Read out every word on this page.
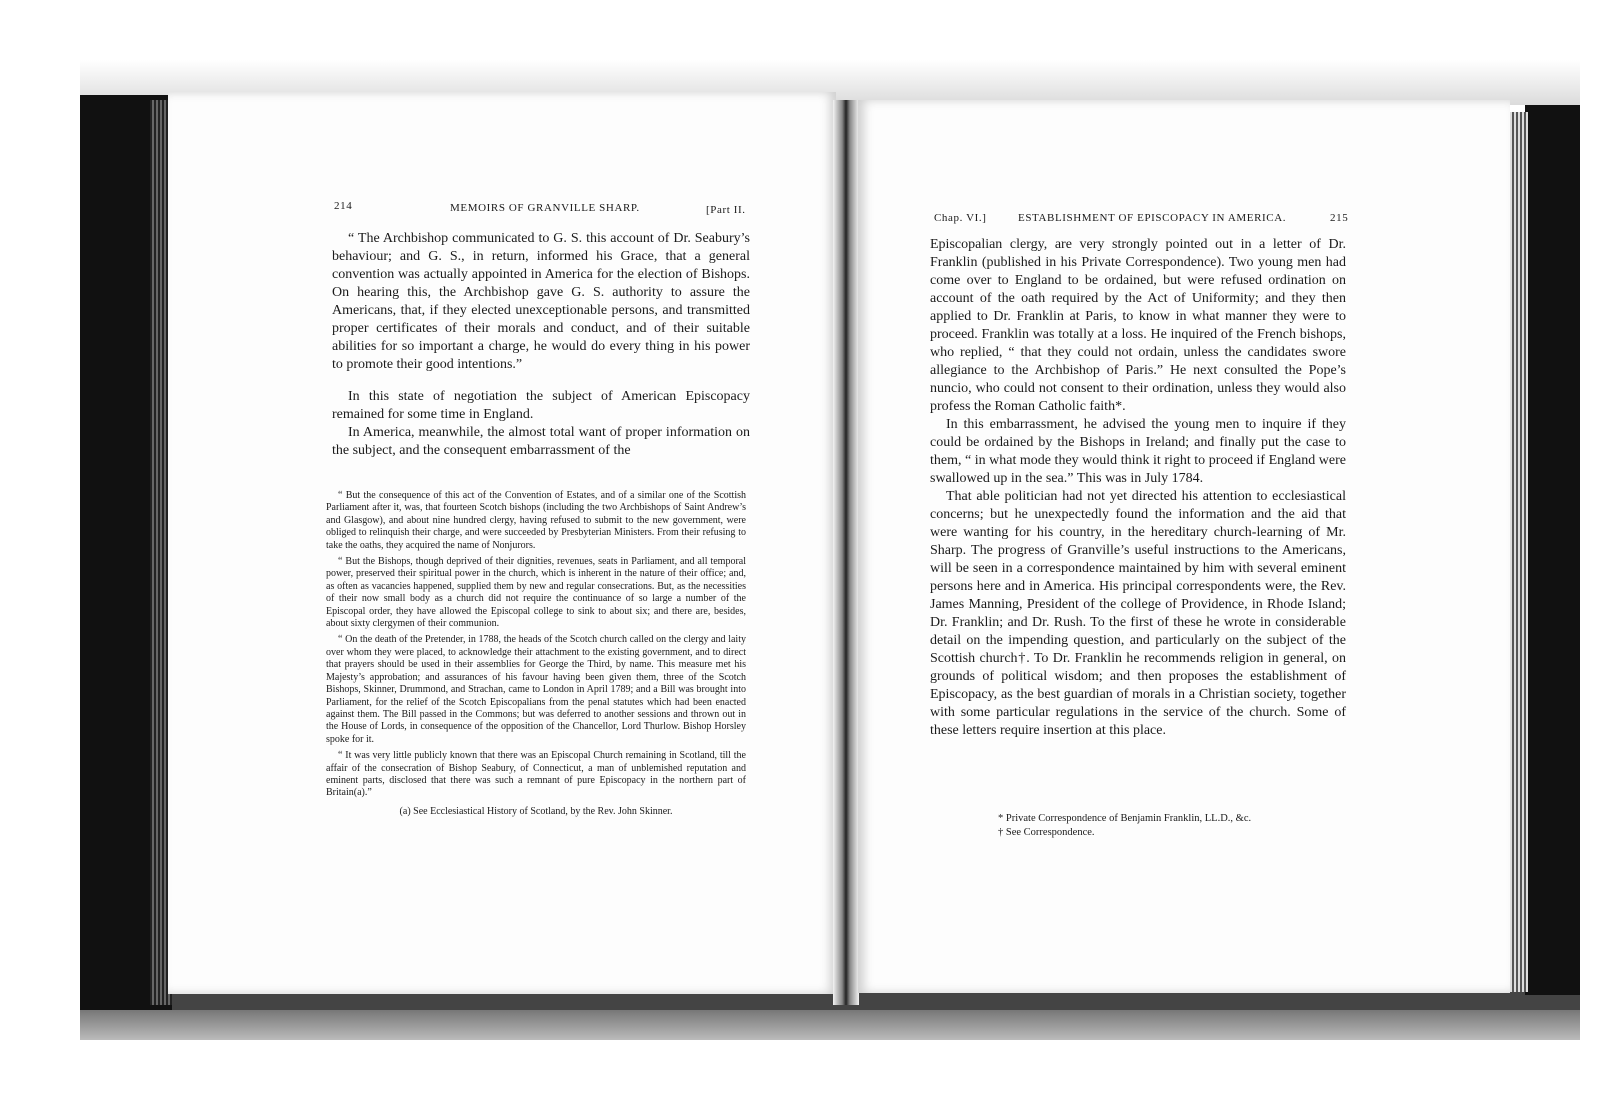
214	MEMOIRS OF GRANVILLE SHARP.	[Part II.

“ The Archbishop communicated to G. S. this account of Dr. Seabury’s behaviour; and G. S., in return, informed his Grace, that a general convention was actually appointed in America for the election of Bishops. On hearing this, the Archbishop gave G. S. authority to assure the Americans, that, if they elected unexceptionable persons, and transmitted proper certificates of their morals and conduct, and of their suitable abilities for so important a charge, he would do every thing in his power to promote their good intentions.”

In this state of negotiation the subject of American Episcopacy remained for some time in England.

In America, meanwhile, the almost total want of proper information on the subject, and the consequent embarrassment of the

“ But the consequence of this act of the Convention of Estates, and of a similar one of the Scottish Parliament after it, was, that fourteen Scotch bishops (including the two Archbishops of Saint Andrew’s and Glasgow), and about nine hundred clergy, having refused to submit to the new government, were obliged to relinquish their charge, and were succeeded by Presbyterian Ministers. From their refusing to take the oaths, they acquired the name of Nonjurors.

“ But the Bishops, though deprived of their dignities, revenues, seats in Parliament, and all temporal power, preserved their spiritual power in the church, which is inherent in the nature of their office; and, as often as vacancies happened, supplied them by new and regular consecrations. But, as the necessities of their now small body as a church did not require the continuance of so large a number of the Episcopal order, they have allowed the Episcopal college to sink to about six; and there are, besides, about sixty clergymen of their communion.

“ On the death of the Pretender, in 1788, the heads of the Scotch church called on the clergy and laity over whom they were placed, to acknowledge their attachment to the existing government, and to direct that prayers should be used in their assemblies for George the Third, by name. This measure met his Majesty’s approbation; and assurances of his favour having been given them, three of the Scotch Bishops, Skinner, Drummond, and Strachan, came to London in April 1789; and a Bill was brought into Parliament, for the relief of the Scotch Episcopalians from the penal statutes which had been enacted against them. The Bill passed in the Commons; but was deferred to another sessions and thrown out in the House of Lords, in consequence of the opposition of the Chancellor, Lord Thurlow. Bishop Horsley spoke for it.

“ It was very little publicly known that there was an Episcopal Church remaining in Scotland, till the affair of the consecration of Bishop Seabury, of Connecticut, a man of unblemished reputation and eminent parts, disclosed that there was such a remnant of pure Episcopacy in the northern part of Britain(a).”

(a) See Ecclesiastical History of Scotland, by the Rev. John Skinner.

Chap. VI.]	ESTABLISHMENT OF EPISCOPACY IN AMERICA.	215

Episcopalian clergy, are very strongly pointed out in a letter of Dr. Franklin (published in his Private Correspondence). Two young men had come over to England to be ordained, but were refused ordination on account of the oath required by the Act of Uniformity; and they then applied to Dr. Franklin at Paris, to know in what manner they were to proceed. Franklin was totally at a loss. He inquired of the French bishops, who replied, “ that they could not ordain, unless the candidates swore allegiance to the Archbishop of Paris.” He next consulted the Pope’s nuncio, who could not consent to their ordination, unless they would also profess the Roman Catholic faith*.

In this embarrassment, he advised the young men to inquire if they could be ordained by the Bishops in Ireland; and finally put the case to them, “ in what mode they would think it right to proceed if England were swallowed up in the sea.” This was in July 1784.

That able politician had not yet directed his attention to ecclesiastical concerns; but he unexpectedly found the information and the aid that were wanting for his country, in the hereditary church-learning of Mr. Sharp. The progress of Granville’s useful instructions to the Americans, will be seen in a correspondence maintained by him with several eminent persons here and in America. His principal correspondents were, the Rev. James Manning, President of the college of Providence, in Rhode Island; Dr. Franklin; and Dr. Rush. To the first of these he wrote in considerable detail on the impending question, and particularly on the subject of the Scottish church†. To Dr. Franklin he recommends religion in general, on grounds of political wisdom; and then proposes the establishment of Episcopacy, as the best guardian of morals in a Christian society, together with some particular regulations in the service of the church. Some of these letters require insertion at this place.

* Private Correspondence of Benjamin Franklin, LL.D., &c.

† See Correspondence.
